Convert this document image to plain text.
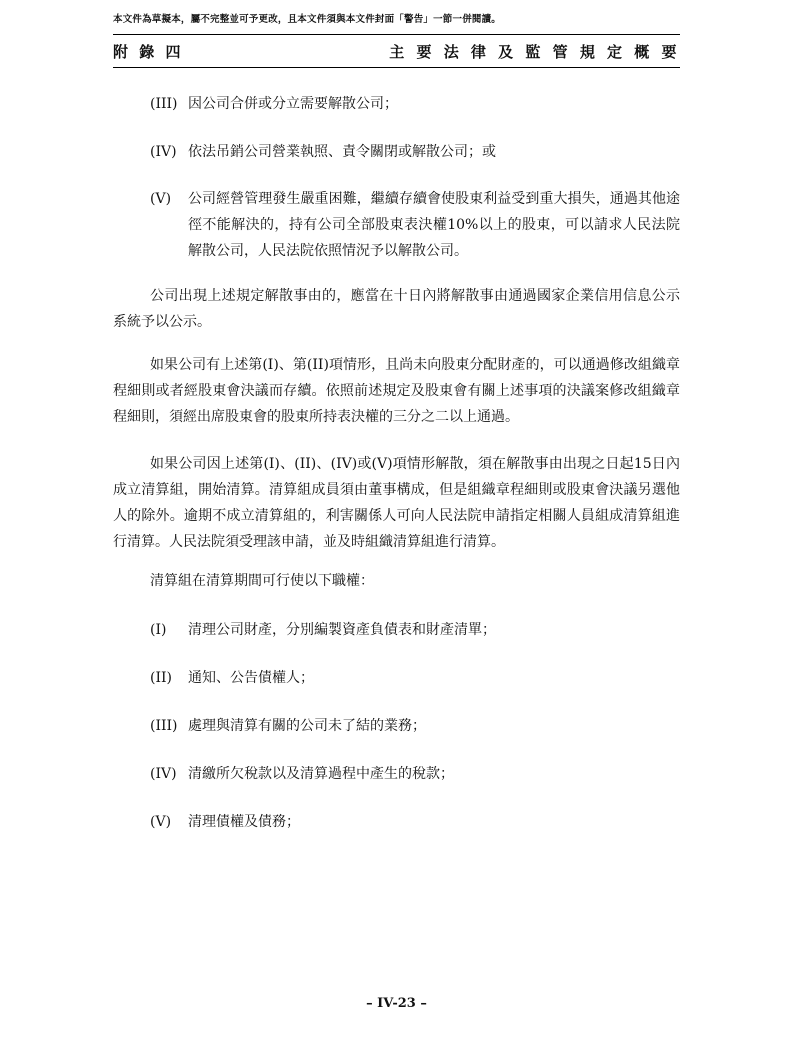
本文件為草擬本，屬不完整並可予更改，且本文件須與本文件封面「警告」一節一併閱讀。
附 錄 四	主 要 法 律 及 監 管 規 定 概 要
(III) 因公司合併或分立需要解散公司；
(IV) 依法吊銷公司營業執照、責令關閉或解散公司；或
(V)	公司經營管理發生嚴重困難，繼續存續會使股東利益受到重大損失，通過其他途徑不能解決的，持有公司全部股東表決權10%以上的股東，可以請求人民法院解散公司，人民法院依照情況予以解散公司。
公司出現上述規定解散事由的，應當在十日內將解散事由通過國家企業信用信息公示系統予以公示。
如果公司有上述第(I)、第(II)項情形，且尚未向股東分配財產的，可以通過修改組織章程細則或者經股東會決議而存續。依照前述規定及股東會有關上述事項的決議案修改組織章程細則，須經出席股東會的股東所持表決權的三分之二以上通過。
如果公司因上述第(I)、(II)、(IV)或(V)項情形解散，須在解散事由出現之日起15日內成立清算組，開始清算。清算組成員須由董事構成，但是組織章程細則或股東會決議另選他人的除外。逾期不成立清算組的，利害關係人可向人民法院申請指定相關人員組成清算組進行清算。人民法院須受理該申請，並及時組織清算組進行清算。
清算組在清算期間可行使以下職權：
(I)	清理公司財產，分別編製資產負債表和財產清單；
(II)	通知、公告債權人；
(III) 處理與清算有關的公司未了結的業務；
(IV) 清繳所欠稅款以及清算過程中產生的稅款；
(V)	清理債權及債務；
– IV-23 –
